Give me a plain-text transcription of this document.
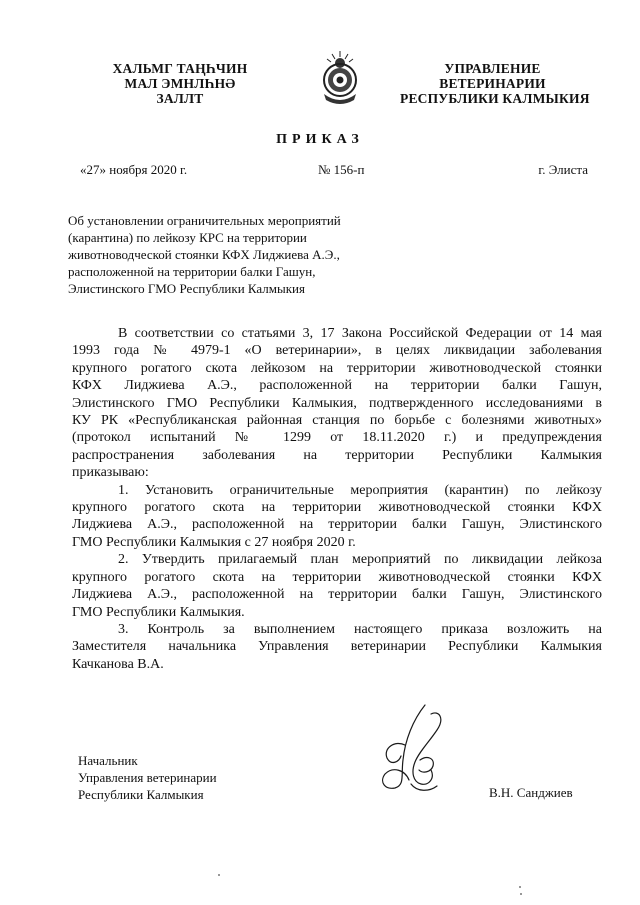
ХАЛЬМГ ТАҢҺЧИН
МАЛ ЭМНЛҺНӘ
ЗАЛЛТ
УПРАВЛЕНИЕ
ВЕТЕРИНАРИИ
РЕСПУБЛИКИ КАЛМЫКИЯ
ПРИКАЗ
«27» ноября 2020 г.	№ 156-п	г. Элиста
Об установлении ограничительных мероприятий
(карантина) по лейкозу КРС на территории
животноводческой стоянки КФХ Лиджиева А.Э.,
расположенной на территории балки Гашун,
Элистинского ГМО Республики Калмыкия
В соответствии со статьями 3, 17 Закона Российской Федерации от 14 мая
1993 года № 4979-1 «О ветеринарии», в целях ликвидации заболевания
крупного рогатого скота лейкозом на территории животноводческой стоянки
КФХ Лиджиева А.Э., расположенной на территории балки Гашун,
Элистинского ГМО Республики Калмыкия, подтвержденного исследованиями в
КУ РК «Республиканская районная станция по борьбе с болезнями животных»
(протокол испытаний № 1299 от 18.11.2020 г.) и предупреждения
распространения заболевания на территории Республики Калмыкия
приказываю:
1. Установить ограничительные мероприятия (карантин) по лейкозу
крупного рогатого скота на территории животноводческой стоянки КФХ
Лиджиева А.Э., расположенной на территории балки Гашун, Элистинского
ГМО Республики Калмыкия с 27 ноября 2020 г.
2. Утвердить прилагаемый план мероприятий по ликвидации лейкоза
крупного рогатого скота на территории животноводческой стоянки КФХ
Лиджиева А.Э., расположенной на территории балки Гашун, Элистинского
ГМО Республики Калмыкия.
3. Контроль за выполнением настоящего приказа возложить на
Заместителя начальника Управления ветеринарии Республики Калмыкия
Качканова В.А.
Начальник
Управления ветеринарии
Республики Калмыкия	В.Н. Санджиев
